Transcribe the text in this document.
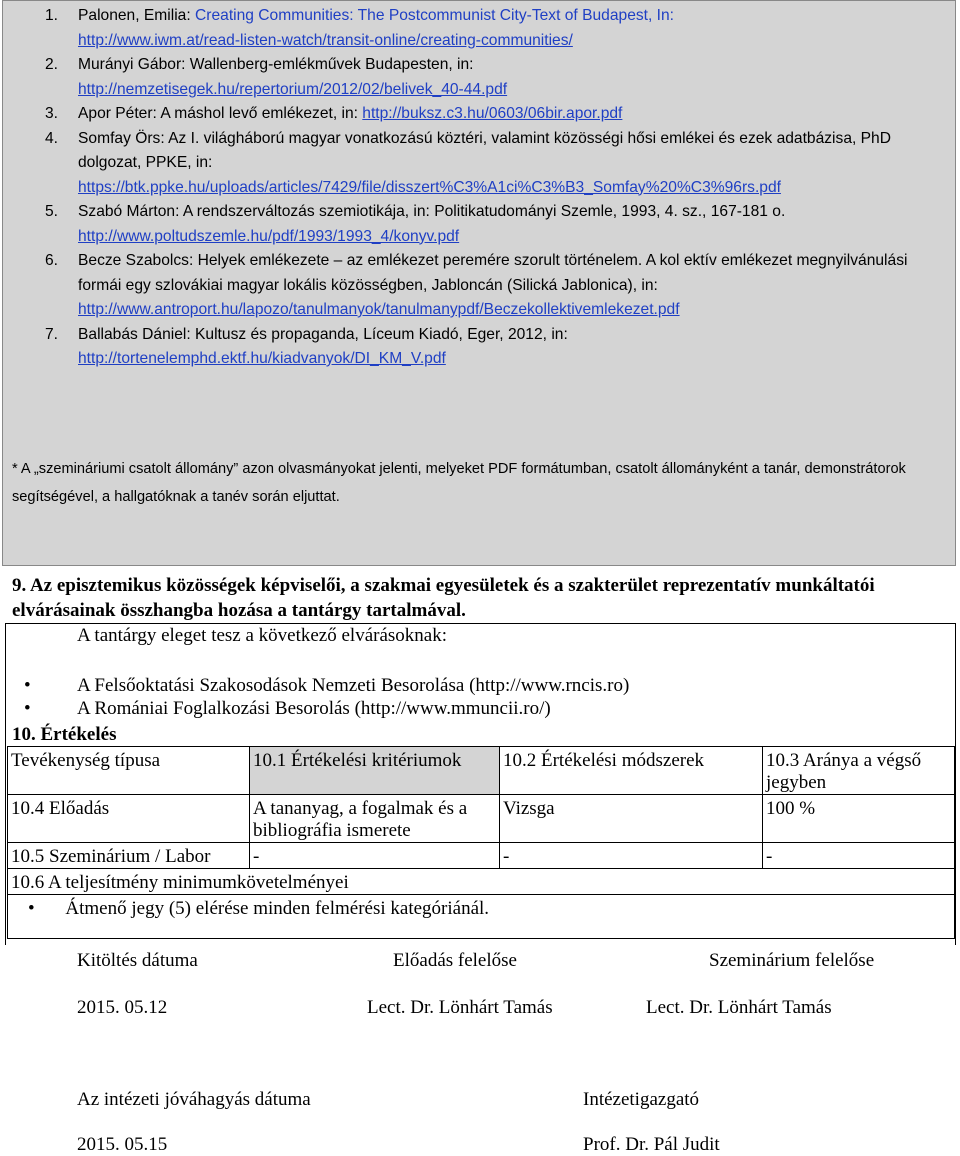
1. Palonen, Emilia: Creating Communities: The Postcommunist City-Text of Budapest, In:
http://www.iwm.at/read-listen-watch/transit-online/creating-communities/
2. Murányi Gábor: Wallenberg-emlékművek Budapesten, in:
http://nemzetisegek.hu/repertorium/2012/02/belivek_40-44.pdf
3. Apor Péter: A máshol levő emlékezet, in: http://buksz.c3.hu/0603/06bir.apor.pdf
4. Somfay Örs: Az I. világháború magyar vonatkozású köztéri, valamint közösségi hősi emlékei és ezek adatbázisa, PhD dolgozat, PPKE, in:
https://btk.ppke.hu/uploads/articles/7429/file/disszert%C3%A1ci%C3%B3_Somfay%20%C3%96rs.pdf
5. Szabó Márton: A rendszerváltozás szemiotikája, in: Politikatudományi Szemle, 1993, 4. sz., 167-181 o.
http://www.poltudszemle.hu/pdf/1993/1993_4/konyv.pdf
6. Becze Szabolcs: Helyek emlékezete – az emlékezet peremére szorult történelem. A kol ektív emlékezet megnyilvánulási formái egy szlovákiai magyar lokális közösségben, Jabloncán (Silická Jablonica), in:
http://www.antroport.hu/lapozo/tanulmanyok/tanulmanypdf/Beczekollektivemlekezet.pdf
7. Ballabás Dániel: Kultusz és propaganda, Líceum Kiadó, Eger, 2012, in:
http://tortenelemphd.ektf.hu/kiadvanyok/DI_KM_V.pdf
* A „szemináriumi csatolt állomány” azon olvasmányokat jelenti, melyeket PDF formátumban, csatolt állományként a tanár, demonstrátorok segítségével, a hallgatóknak a tanév során eljuttat.
9. Az episztemikus közösségek képviselői, a szakmai egyesületek és a szakterület reprezentatív munkáltatói elvárásainak összhangba hozása a tantárgy tartalmával.
A tantárgy eleget tesz a következő elvárásoknak:
• A Felsőoktatási Szakosodások Nemzeti Besorolása (http://www.rncis.ro)
• A Romániai Foglalkozási Besorolás (http://www.mmuncii.ro/)
10. Értékelés
Tevékenység típusa	10.1 Értékelési kritériumok	10.2 Értékelési módszerek	10.3 Aránya a végső jegyben
10.4 Előadás	A tananyag, a fogalmak és a bibliográfia ismerete	Vizsga	100 %
10.5 Szeminárium / Labor	-	-	-
10.6 A teljesítmény minimumkövetelményei			
• Átmenő jegy (5) elérése minden felmérési kategóriánál.			
Kitöltés dátuma	Előadás felelőse	Szeminárium felelőse
2015. 05.12	Lect. Dr. Lönhárt Tamás	Lect. Dr. Lönhárt Tamás
Az intézeti jóváhagyás dátuma	Intézetigazgató
2015. 05.15	Prof. Dr. Pál Judit
